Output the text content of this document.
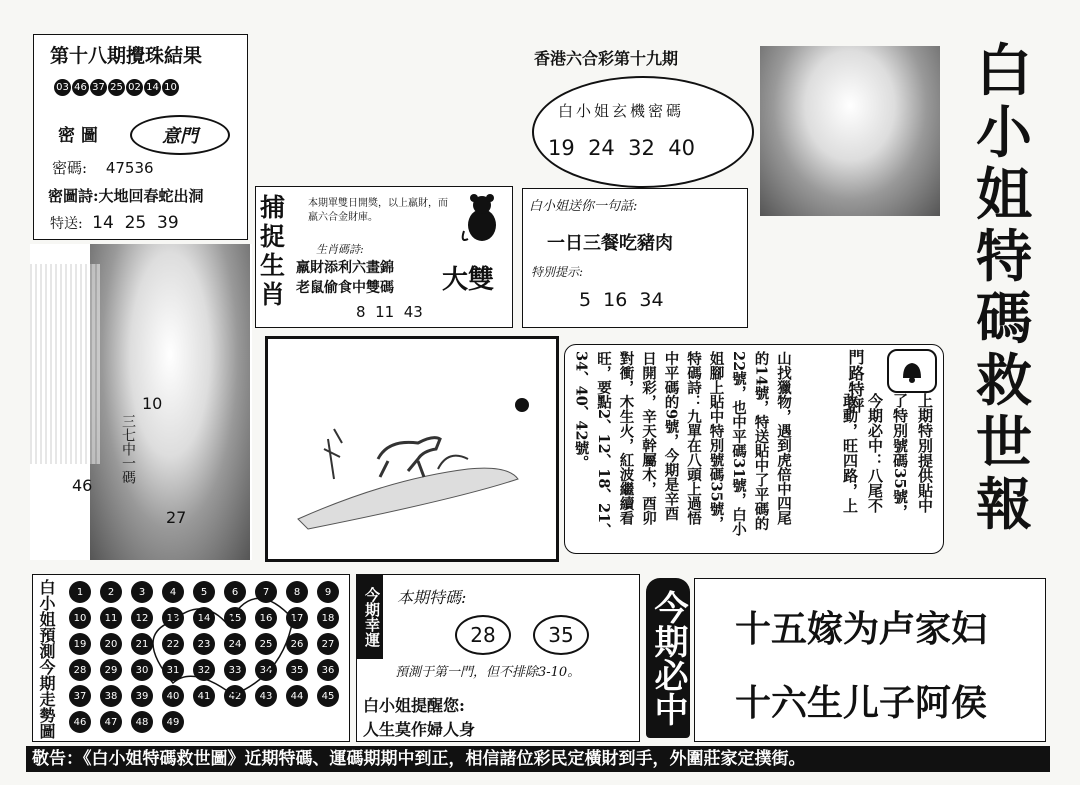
第十八期攪珠結果
03 46 37 25 02 14 10
密 圖	意門
密碼: 47536
密圖詩:大地回春蛇出洞
特送: 14  25  39
三七中一碼
10
46
27
捕
捉
生
肖
本期單雙日開獎，以上羸財，而羸六合金財庫。
生肖碼詩:
羸財添利六畫錦
老鼠偷食中雙碼 大雙
8  11  43
香港六合彩第十九期
白小姐玄機密碼
19  24  32  40
白小姐送你一句話:
一日三餐吃豬肉
特別提示:
5  16  34
白
小
姐
特
碼
救
世
報
門路特評
上期特別提供貼中
了特別號碼35號，
今期必中：八尾不
敢動，旺四路，上
山找獵物，遇到虎倍中四尾
的14號，特送貼中了平碼的
22號，也中平碼31號，白小
姐腳上貼中特別號碼35號，
特碼詩：九單在八頭上過悟
中平碼的9號，今期是辛酉
日開彩，辛天幹屬木，酉卯
對衝，木生火，紅波繼續看
旺，要點2、12、18、21、
34、40、42號。
白小姐預測今期走勢圖	1	2	3	4	5	6	7	8	9
10	11	12	13	14	15	16	17	18
19	20	21	22	23	24	25	26	27
28	29	30	31	32	33	34	35	36
37	38	39	40	41	42	43	44	45
46	47	48	49
今期幸運 本期特碼:
28	35
預測于第一門，但不排除3-10。
白小姐提醒您:
人生莫作婦人身
今期必中 十五嫁为卢家妇
十六生儿子阿侯
敬告：《白小姐特碼救世圖》近期特碼、運碼期期中到正，相信諸位彩民定橫財到手，外圍莊家定撲街。
